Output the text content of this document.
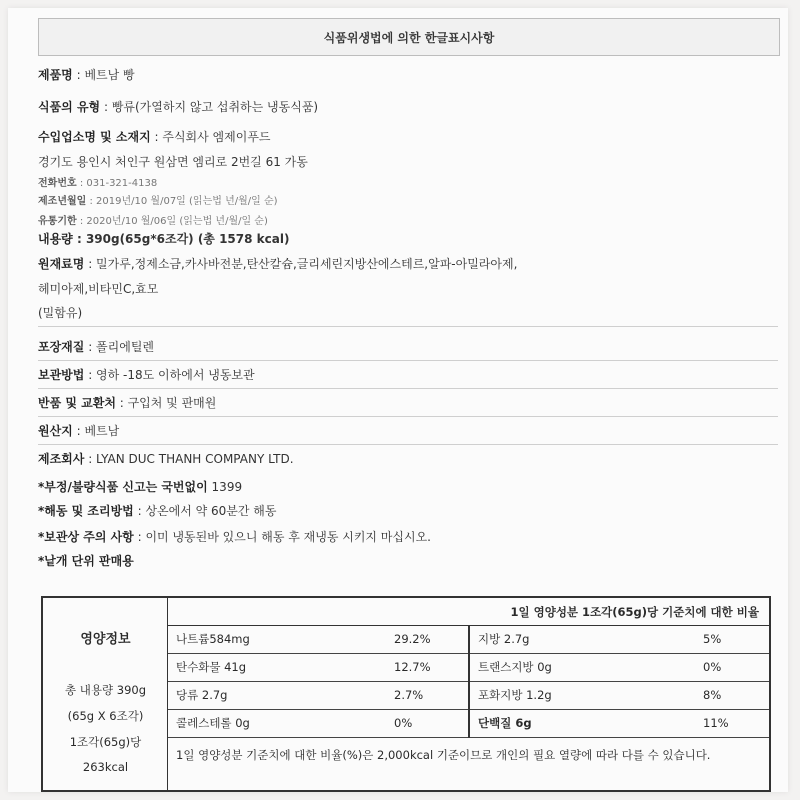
식품위생법에 의한 한글표시사항
제품명 : 베트남 빵
식품의 유형 : 빵류(가열하지 않고 섭취하는 냉동식품)
수입업소명 및 소재지 : 주식회사 엠제이푸드
경기도 용인시 처인구 원삼면 엠리로 2번길 61 가동
전화번호 : 031-321-4138
제조년월일 : 2019년/10 월/07일 (읽는법 년/월/일 순)
유통기한 : 2020년/10 월/06일 (읽는법 년/월/일 순)
내용량 : 390g(65g*6조각) (총 1578 kcal)
원재료명 : 밀가루,정제소금,카사바전분,탄산칼슘,글리세린지방산에스테르,알파-아밀라아제,
헤미아제,비타민C,효모
(밀함유)
포장재질 : 폴리에틸렌
보관방법 : 영하 -18도 이하에서 냉동보관
반품 및 교환처 : 구입처 및 판매원
원산지 : 베트남
제조회사 : LYAN DUC THANH COMPANY LTD.
*부정/불량식품 신고는 국번없이 1399
*해동 및 조리방법 : 상온에서 약 60분간 해동
*보관상 주의 사항 : 이미 냉동된바 있으니 해동 후 재냉동 시키지 마십시오.
*낱개 단위 판매용
영양정보
총 내용량 390g
(65g X 6조각)
1조각(65g)당
263kcal
1일 영양성분 1조각(65g)당 기준치에 대한 비율
나트륨584mg	29.2%	지방 2.7g	5%
탄수화물 41g	12.7%	트랜스지방 0g	0%
당류 2.7g	2.7%	포화지방 1.2g	8%
콜레스테롤 0g	0%	단백질 6g	11%
1일 영양성분 기준치에 대한 비율(%)은 2,000kcal 기준이므로 개인의 필요 열량에 따라 다를 수 있습니다.
